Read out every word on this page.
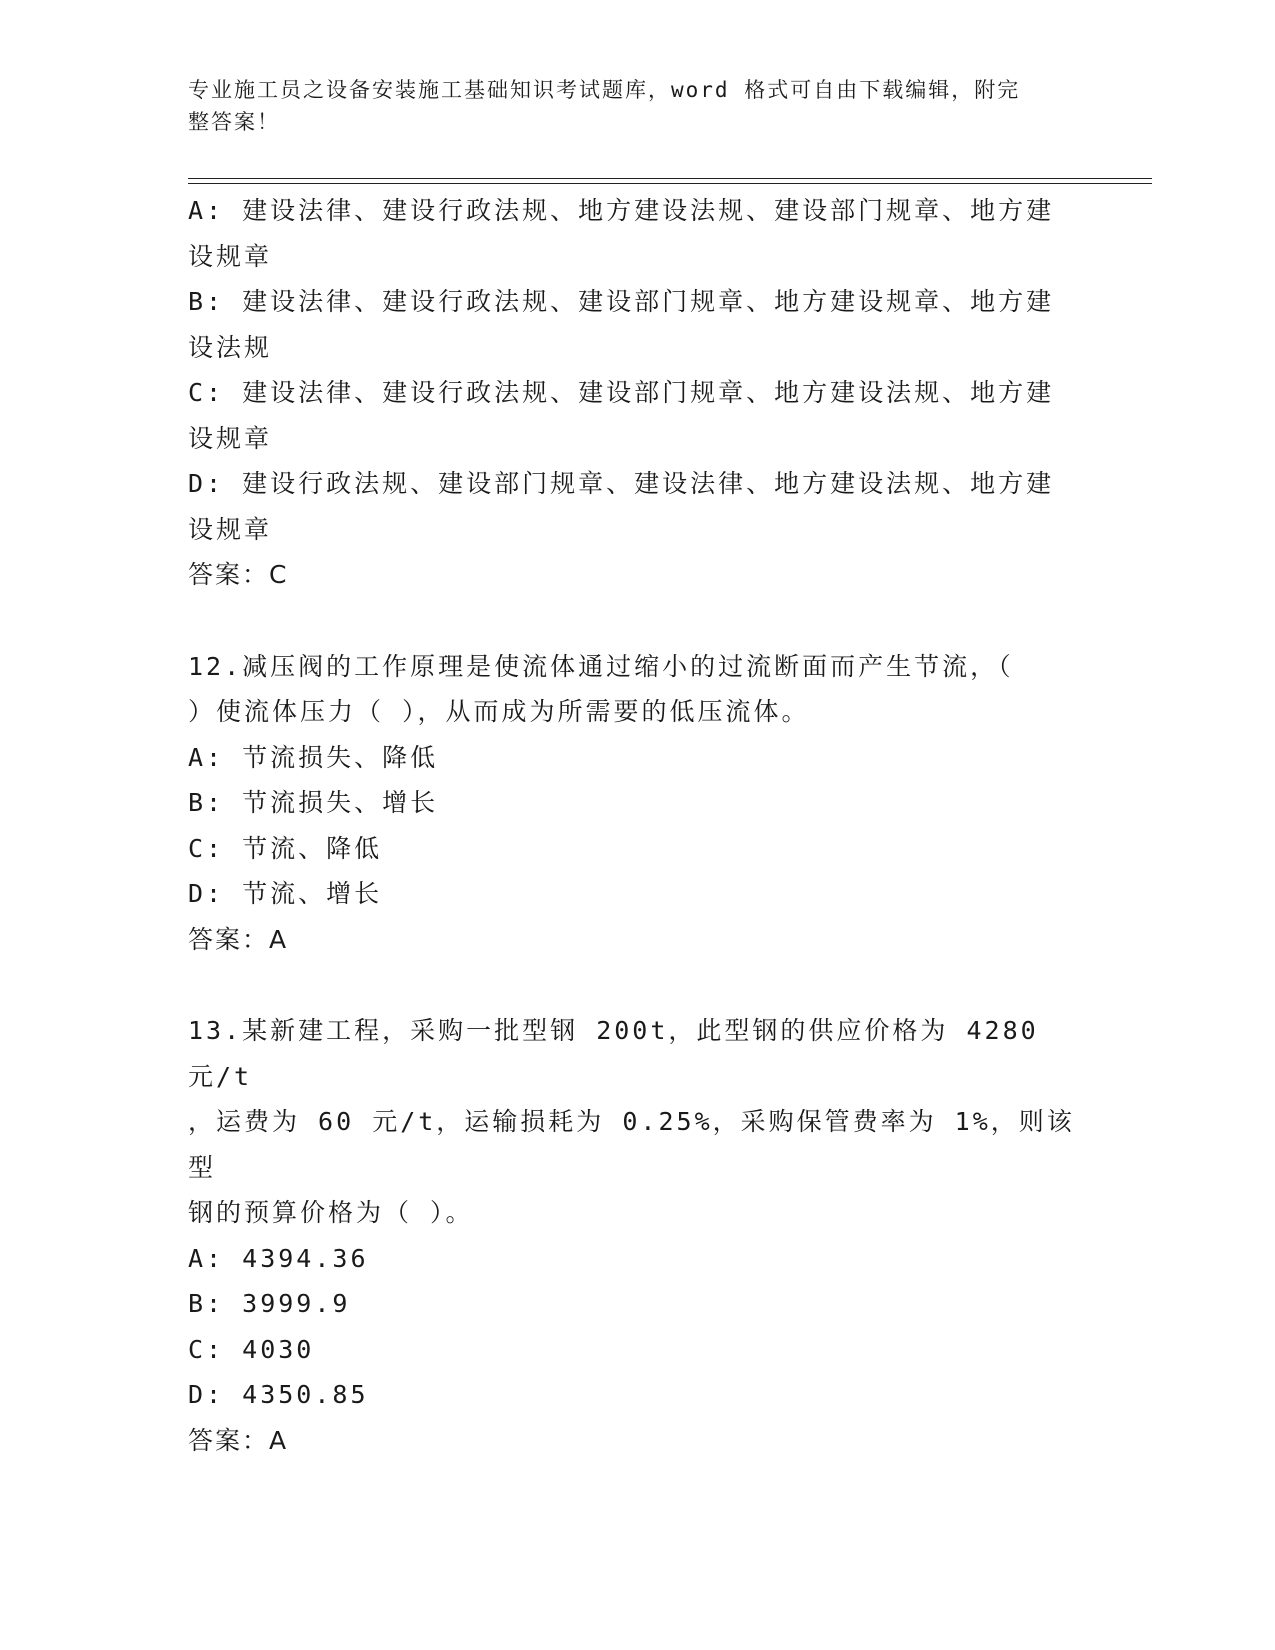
专业施工员之设备安装施工基础知识考试题库，word 格式可自由下载编辑，附完
整答案！

A: 建设法律、建设行政法规、地方建设法规、建设部门规章、地方建

设规章

B: 建设法律、建设行政法规、建设部门规章、地方建设规章、地方建

设法规

C: 建设法律、建设行政法规、建设部门规章、地方建设法规、地方建

设规章

D: 建设行政法规、建设部门规章、建设法律、地方建设法规、地方建

设规章

答案：C

12.减压阀的工作原理是使流体通过缩小的过流断面而产生节流，（

）使流体压力（ ），从而成为所需要的低压流体。

A: 节流损失、降低

B: 节流损失、增长

C: 节流、降低

D: 节流、增长

答案：A

13.某新建工程，采购一批型钢 200t，此型钢的供应价格为 4280 元/t

，运费为 60 元/t，运输损耗为 0.25%，采购保管费率为 1%，则该型

钢的预算价格为（ ）。

A: 4394.36

B: 3999.9

C: 4030

D: 4350.85

答案：A
